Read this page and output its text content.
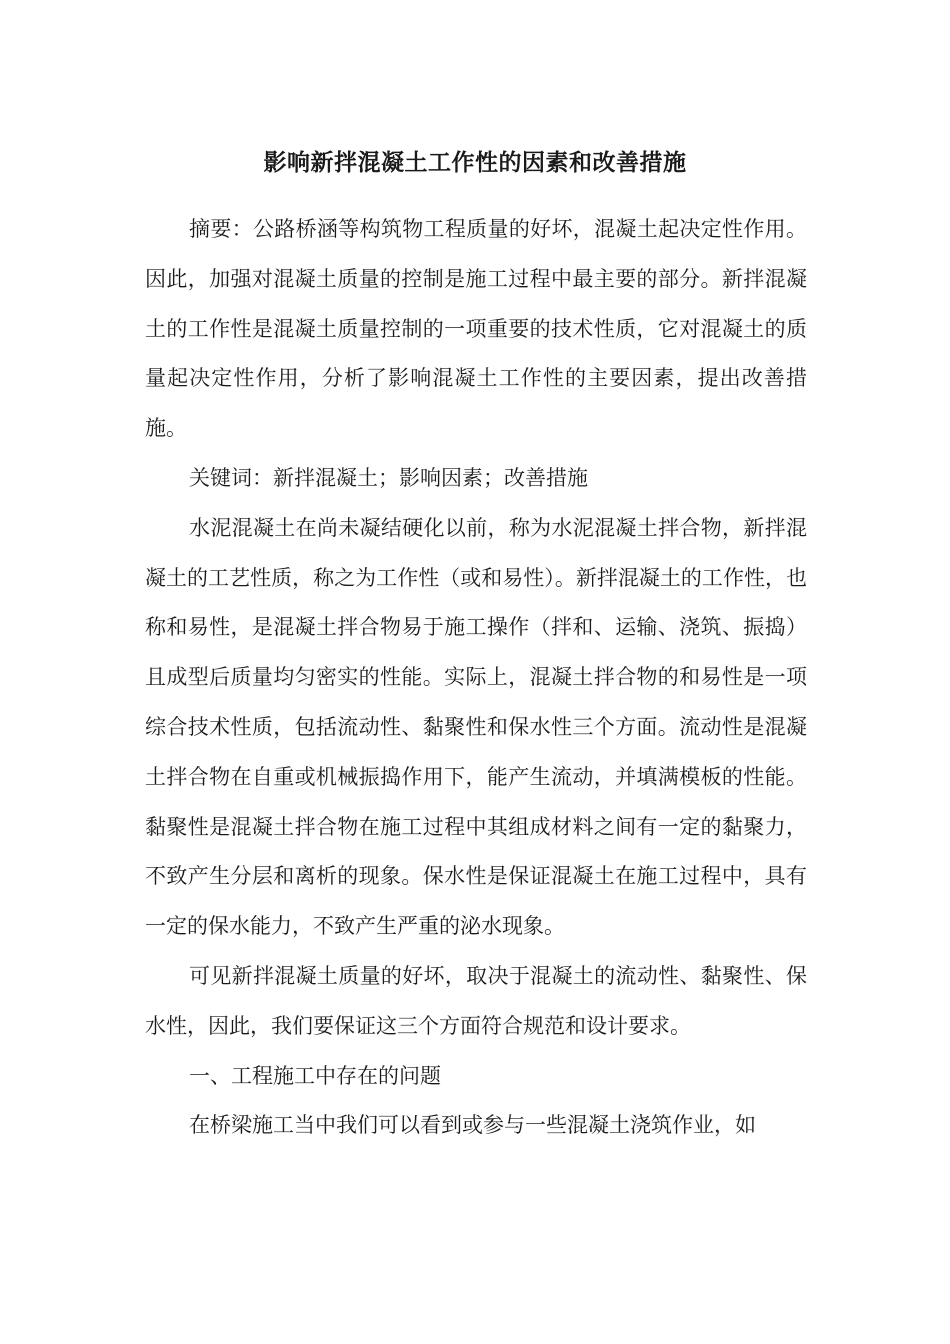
影响新拌混凝土工作性的因素和改善措施

摘要：公路桥涵等构筑物工程质量的好坏，混凝土起决定性作用。因此，加强对混凝土质量的控制是施工过程中最主要的部分。新拌混凝土的工作性是混凝土质量控制的一项重要的技术性质，它对混凝土的质量起决定性作用，分析了影响混凝土工作性的主要因素，提出改善措施。

关键词：新拌混凝土；影响因素；改善措施

水泥混凝土在尚未凝结硬化以前，称为水泥混凝土拌合物，新拌混凝土的工艺性质，称之为工作性（或和易性）。新拌混凝土的工作性，也称和易性，是混凝土拌合物易于施工操作（拌和、运输、浇筑、振捣）且成型后质量均匀密实的性能。实际上，混凝土拌合物的和易性是一项综合技术性质，包括流动性、黏聚性和保水性三个方面。流动性是混凝土拌合物在自重或机械振捣作用下，能产生流动，并填满模板的性能。黏聚性是混凝土拌合物在施工过程中其组成材料之间有一定的黏聚力，不致产生分层和离析的现象。保水性是保证混凝土在施工过程中，具有一定的保水能力，不致产生严重的泌水现象。

可见新拌混凝土质量的好坏，取决于混凝土的流动性、黏聚性、保水性，因此，我们要保证这三个方面符合规范和设计要求。

一、工程施工中存在的问题

在桥梁施工当中我们可以看到或参与一些混凝土浇筑作业，如
